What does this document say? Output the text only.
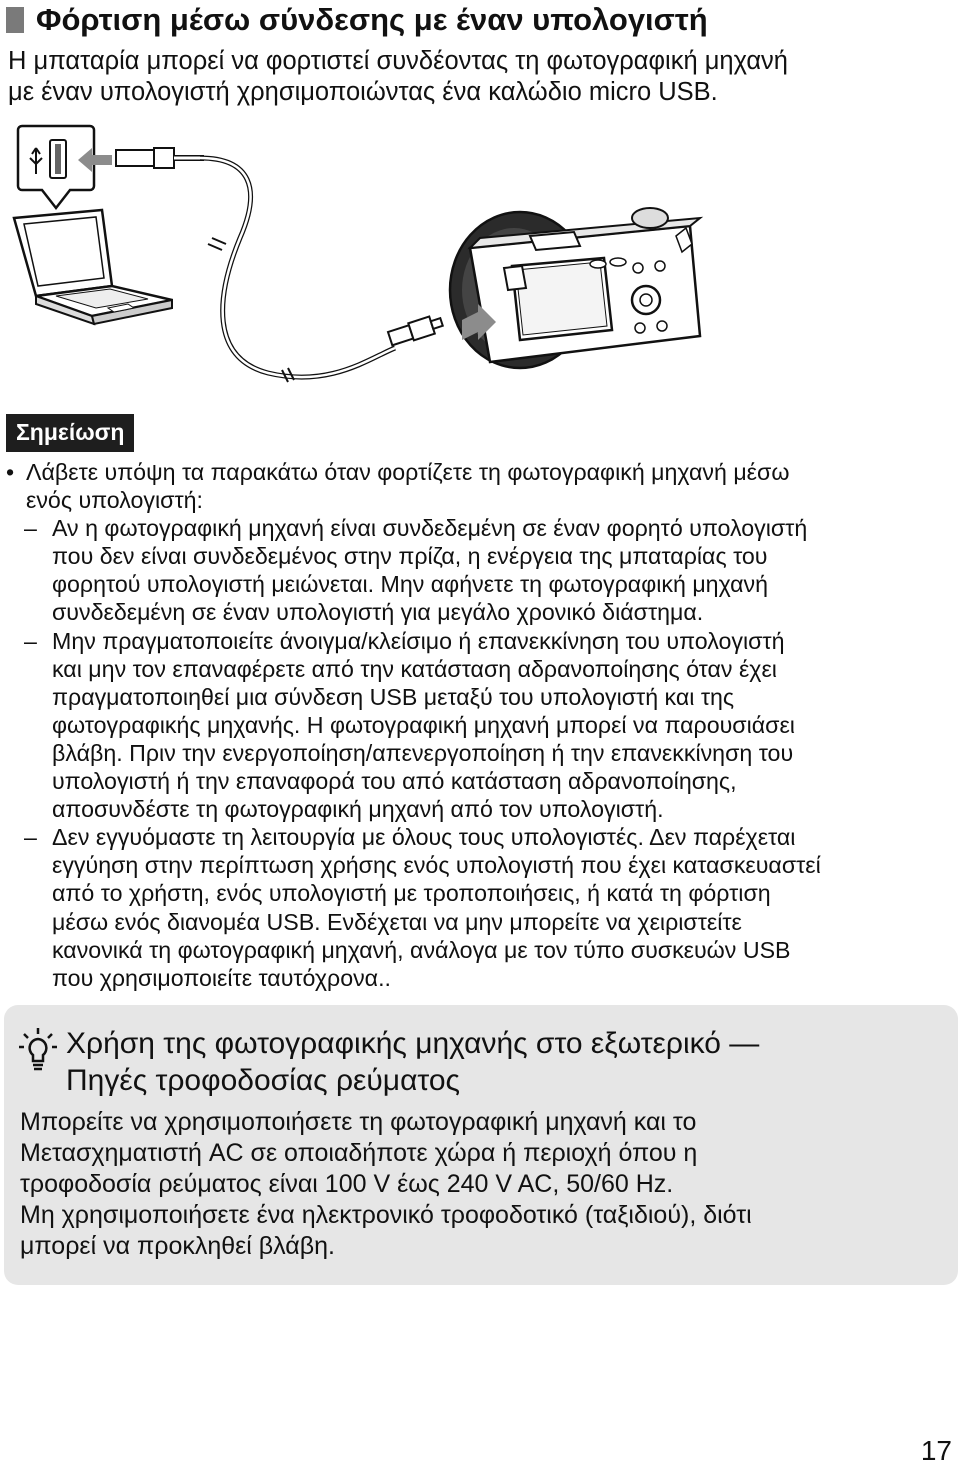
Φόρτιση μέσω σύνδεσης με έναν υπολογιστή

Η μπαταρία μπορεί να φορτιστεί συνδέοντας τη φωτογραφική μηχανή
με έναν υπολογιστή χρησιμοποιώντας ένα καλώδιο micro USB.

Σημείωση
• Λάβετε υπόψη τα παρακάτω όταν φορτίζετε τη φωτογραφική μηχανή μέσω
ενός υπολογιστή:
– Αν η φωτογραφική μηχανή είναι συνδεδεμένη σε έναν φορητό υπολογιστή
που δεν είναι συνδεδεμένος στην πρίζα, η ενέργεια της μπαταρίας του
φορητού υπολογιστή μειώνεται. Μην αφήνετε τη φωτογραφική μηχανή
συνδεδεμένη σε έναν υπολογιστή για μεγάλο χρονικό διάστημα.
– Μην πραγματοποιείτε άνοιγμα/κλείσιμο ή επανεκκίνηση του υπολογιστή
και μην τον επαναφέρετε από την κατάσταση αδρανοποίησης όταν έχει
πραγματοποιηθεί μια σύνδεση USB μεταξύ του υπολογιστή και της
φωτογραφικής μηχανής. Η φωτογραφική μηχανή μπορεί να παρουσιάσει
βλάβη. Πριν την ενεργοποίηση/απενεργοποίηση ή την επανεκκίνηση του
υπολογιστή ή την επαναφορά του από κατάσταση αδρανοποίησης,
αποσυνδέστε τη φωτογραφική μηχανή από τον υπολογιστή.
– Δεν εγγυόμαστε τη λειτουργία με όλους τους υπολογιστές. Δεν παρέχεται
εγγύηση στην περίπτωση χρήσης ενός υπολογιστή που έχει κατασκευαστεί
από το χρήστη, ενός υπολογιστή με τροποποιήσεις, ή κατά τη φόρτιση
μέσω ενός διανομέα USB. Ενδέχεται να μην μπορείτε να χειριστείτε
κανονικά τη φωτογραφική μηχανή, ανάλογα με τον τύπο συσκευών USB
που χρησιμοποιείτε ταυτόχρονα..
Χρήση της φωτογραφικής μηχανής στο εξωτερικό —
Πηγές τροφοδοσίας ρεύματος
Μπορείτε να χρησιμοποιήσετε τη φωτογραφική μηχανή και το
Μετασχηματιστή AC σε οποιαδήποτε χώρα ή περιοχή όπου η
τροφοδοσία ρεύματος είναι 100 V έως 240 V AC, 50/60 Hz.
Μη χρησιμοποιήσετε ένα ηλεκτρονικό τροφοδοτικό (ταξιδιού), διότι
μπορεί να προκληθεί βλάβη.
17
